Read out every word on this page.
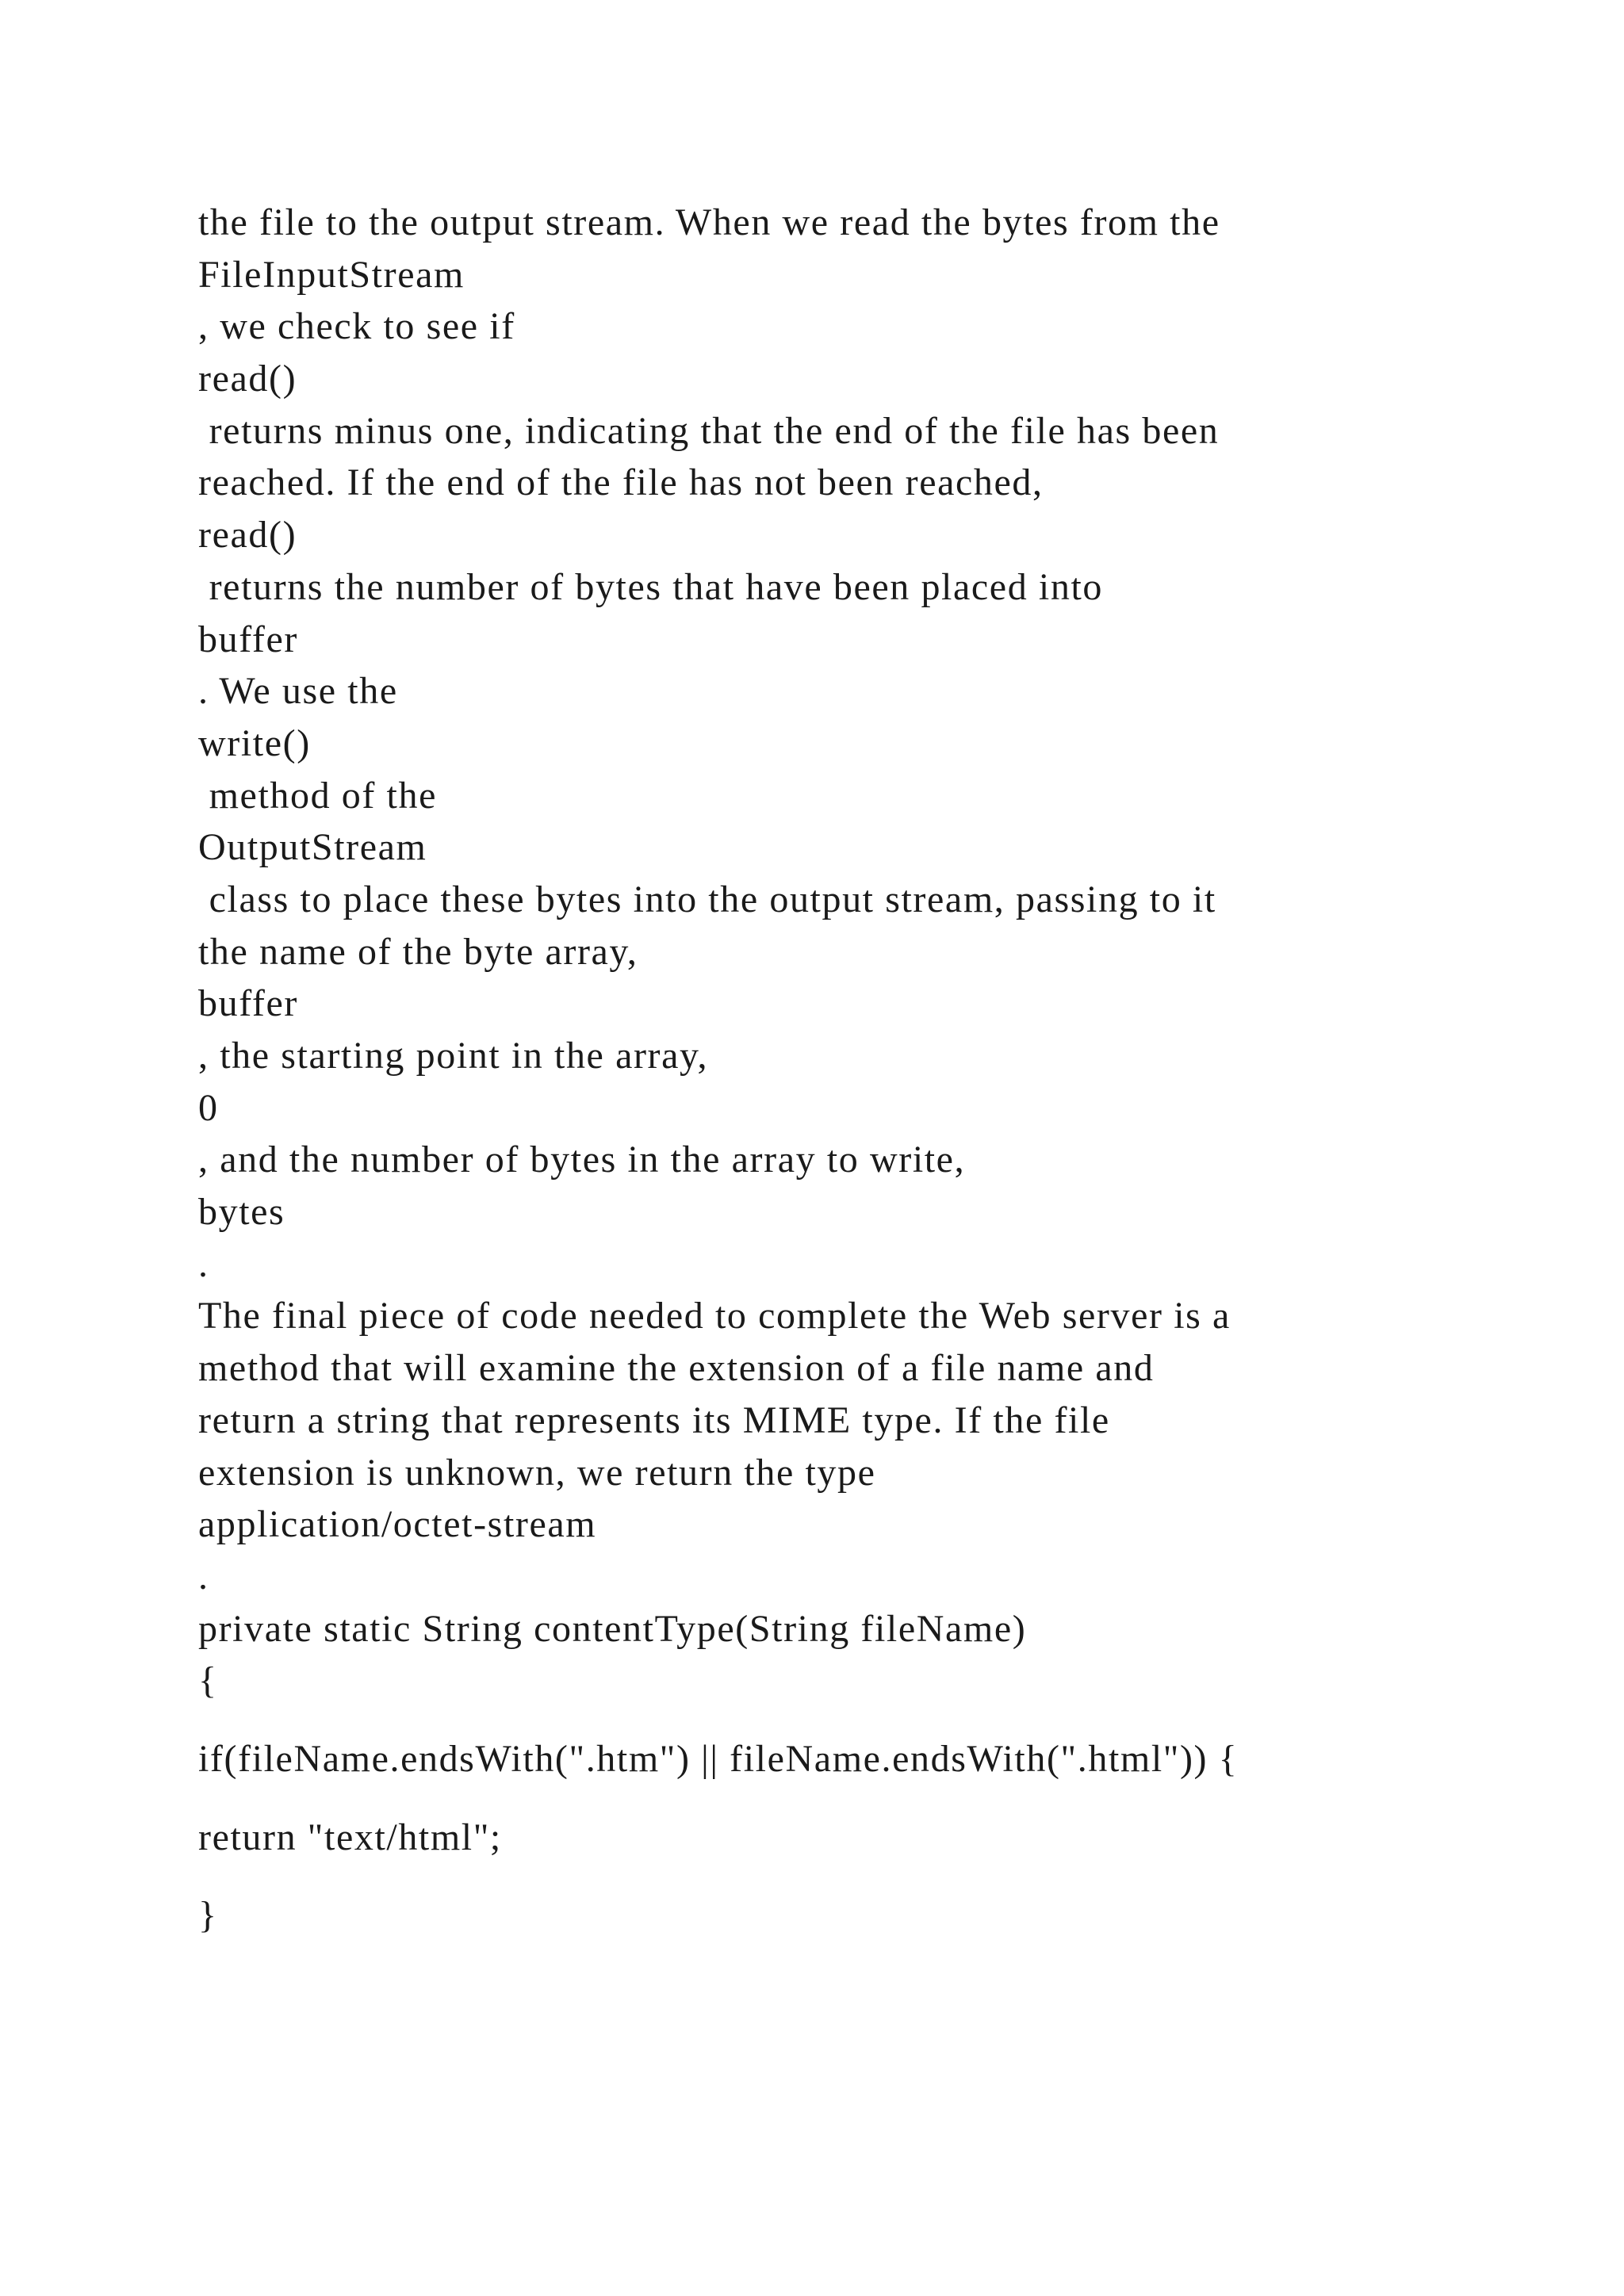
the file to the output stream. When we read the bytes from the
FileInputStream
, we check to see if
read()
returns minus one, indicating that the end of the file has been
reached. If the end of the file has not been reached,
read()
returns the number of bytes that have been placed into
buffer
. We use the
write()
method of the
OutputStream
class to place these bytes into the output stream, passing to it
the name of the byte array,
buffer
, the starting point in the array,
0
, and the number of bytes in the array to write,
bytes
.
The final piece of code needed to complete the Web server is a
method that will examine the extension of a file name and
return a string that represents its MIME type. If the file
extension is unknown, we return the type
application/octet-stream
.
private static String contentType(String fileName)
{
if(fileName.endsWith(".htm") || fileName.endsWith(".html")) {
return "text/html";
}
